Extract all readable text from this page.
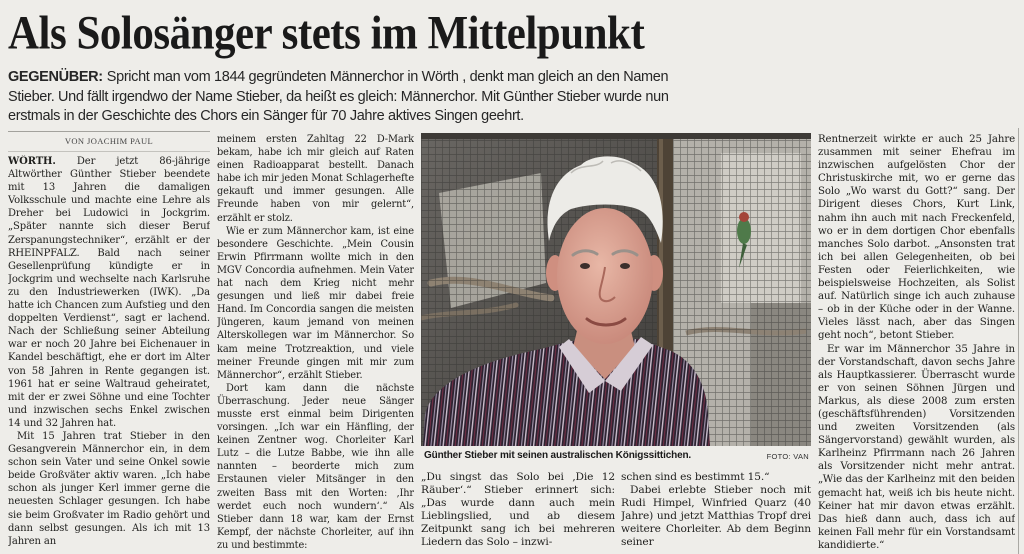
Als Solosänger stets im Mittelpunkt

GEGENÜBER: Spricht man vom 1844 gegründeten Männerchor in Wörth , denkt man gleich an den Namen Stieber. Und fällt irgendwo der Name Stieber, da heißt es gleich: Männerchor. Mit Günther Stieber wurde nun erstmals in der Geschichte des Chors ein Sänger für 70 Jahre aktives Singen geehrt.

VON JOACHIM PAUL

WÖRTH. Der jetzt 86-jährige Altwörther Günther Stieber beendete mit 13 Jahren die damaligen Volksschule und machte eine Lehre als Dreher bei Ludowici in Jockgrim. „Später nannte sich dieser Beruf Zerspanungstechniker“, erzählt er der RHEINPFALZ. Bald nach seiner Gesellenprüfung kündigte er in Jockgrim und wechselte nach Karlsruhe zu den Industriewerken (IWK). „Da hatte ich Chancen zum Aufstieg und den doppelten Verdienst“, sagt er lachend. Nach der Schließung seiner Abteilung war er noch 20 Jahre bei Eichenauer in Kandel beschäftigt, ehe er dort im Alter von 58 Jahren in Rente gegangen ist. 1961 hat er seine Waltraud geheiratet, mit der er zwei Söhne und eine Tochter und inzwischen sechs Enkel zwischen 14 und 32 Jahren hat.

Mit 15 Jahren trat Stieber in den Gesangverein Männerchor ein, in dem schon sein Vater und seine Onkel sowie beide Großväter aktiv waren. „Ich habe schon als junger Kerl immer gerne die neuesten Schlager gesungen. Ich habe sie beim Großvater im Radio gehört und dann selbst gesungen. Als ich mit 13 Jahren an

meinem ersten Zahltag 22 D-Mark bekam, habe ich mir gleich auf Raten einen Radioapparat bestellt. Danach habe ich mir jeden Monat Schlagerhefte gekauft und immer gesungen. Alle Freunde haben von mir gelernt“, erzählt er stolz.

Wie er zum Männerchor kam, ist eine besondere Geschichte. „Mein Cousin Erwin Pfirrmann wollte mich in den MGV Concordia aufnehmen. Mein Vater hat nach dem Krieg nicht mehr gesungen und ließ mir dabei freie Hand. Im Concordia sangen die meisten Jüngeren, kaum jemand von meinen Alterskollegen war im Männerchor. So kam meine Trotzreaktion, und viele meiner Freunde gingen mit mir zum Männerchor“, erzählt Stieber.

Dort kam dann die nächste Überraschung. Jeder neue Sänger musste erst einmal beim Dirigenten vorsingen. „Ich war ein Hänfling, der keinen Zentner wog. Chorleiter Karl Lutz – die Lutze Babbe, wie ihn alle nannten – beorderte mich zum Erstaunen vieler Mitsänger in den zweiten Bass mit den Worten: ‚Ihr werdet euch noch wundern‘.“ Als Stieber dann 18 war, kam der Ernst Kempf, der nächste Chorleiter, auf ihn zu und bestimmte:

Günther Stieber mit seinen australischen Königssittichen.	FOTO: VAN

„Du singst das Solo bei ‚Die 12 Räuber‘.“ Stieber erinnert sich: „Das wurde dann auch mein Lieblingslied, und ab diesem Zeitpunkt sang ich bei mehreren Liedern das Solo – inzwi-

schen sind es bestimmt 15.“

Dabei erlebte Stieber noch mit Rudi Himpel, Winfried Quarz (40 Jahre) und jetzt Matthias Tropf drei weitere Chorleiter. Ab dem Beginn seiner

Rentnerzeit wirkte er auch 25 Jahre zusammen mit seiner Ehefrau im inzwischen aufgelösten Chor der Christuskirche mit, wo er gerne das Solo „Wo warst du Gott?“ sang. Der Dirigent dieses Chors, Kurt Link, nahm ihn auch mit nach Freckenfeld, wo er in dem dortigen Chor ebenfalls manches Solo darbot. „Ansonsten trat ich bei allen Gelegenheiten, ob bei Festen oder Feierlichkeiten, wie beispielsweise Hochzeiten, als Solist auf. Natürlich singe ich auch zuhause – ob in der Küche oder in der Wanne. Vieles lässt nach, aber das Singen geht noch“, betont Stieber.

Er war im Männerchor 35 Jahre in der Vorstandschaft, davon sechs Jahre als Hauptkassierer. Überrascht wurde er von seinen Söhnen Jürgen und Markus, als diese 2008 zum ersten (geschäftsführenden) Vorsitzenden und zweiten Vorsitzenden (als Sängervorstand) gewählt wurden, als Karlheinz Pfirrmann nach 26 Jahren als Vorsitzender nicht mehr antrat. „Wie das der Karlheinz mit den beiden gemacht hat, weiß ich bis heute nicht. Keiner hat mir davon etwas erzählt. Das hieß dann auch, dass ich auf keinen Fall mehr für ein Vorstandsamt kandidierte.“
